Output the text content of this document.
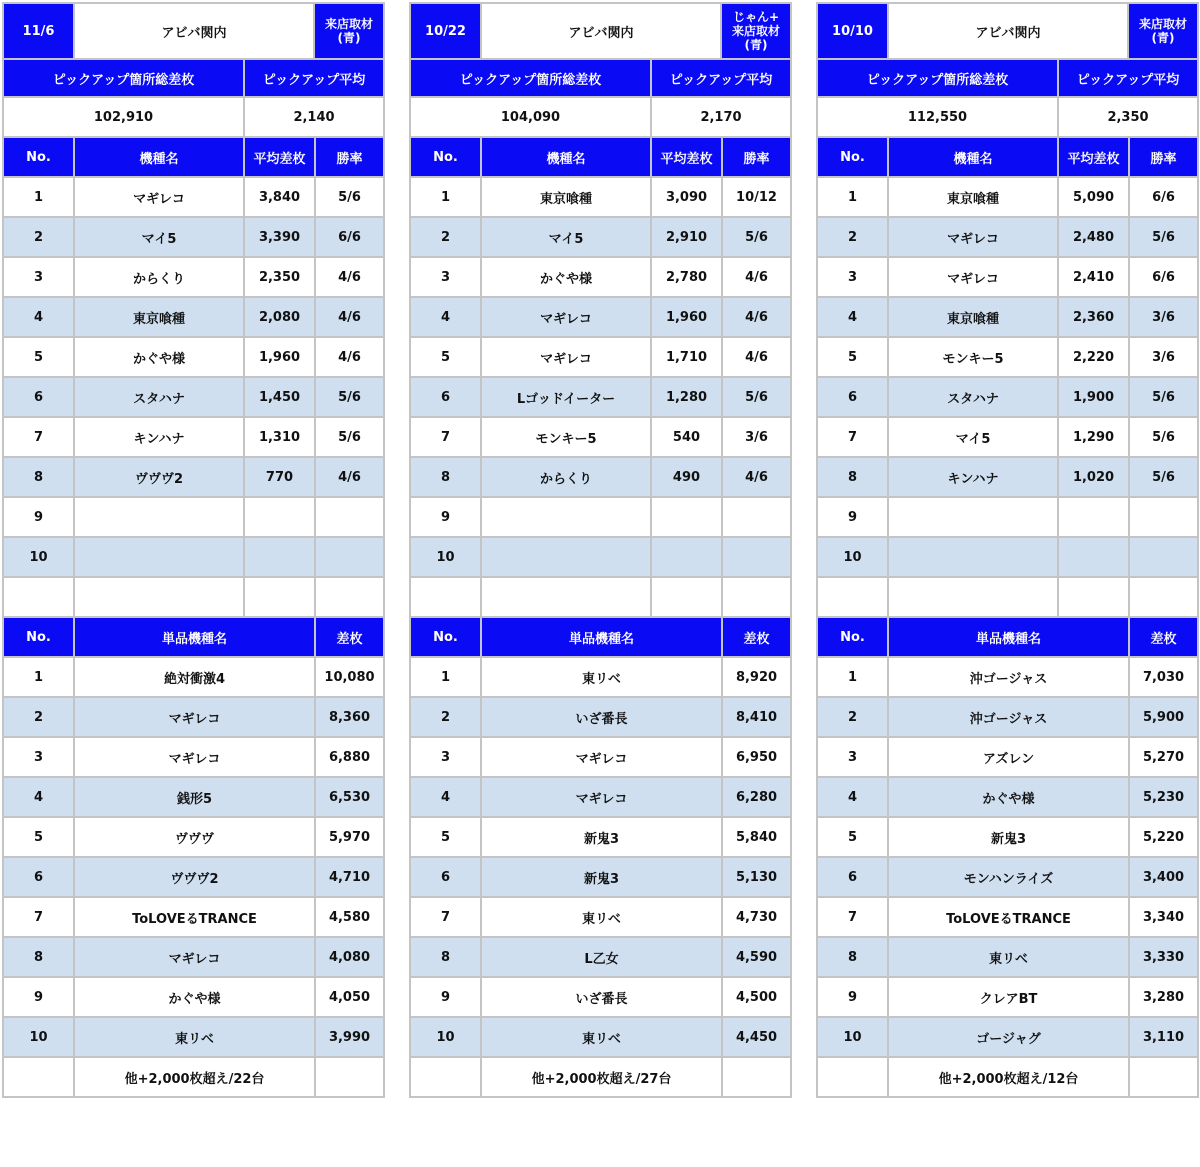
11/6	アビバ関内
来店取材
(青)		

ピックアップ箇所総差枚		ピックアップ平均	
102,910		2,140	
No.	機種名	平均差枚	勝率
1	マギレコ	3,840	5/6
2	マイ5	3,390	6/6
3	からくり	2,350	4/6
4	東京喰種	2,080	4/6
5	かぐや様	1,960	4/6
6	スタハナ	1,450	5/6
7	キンハナ	1,310	5/6
8	ヴヴヴ2	770	4/6
9			
10			

No.	単品機種名		差枚
1	絶対衝激4		10,080
2	マギレコ		8,360
3	マギレコ		6,880
4	銭形5		6,530
5	ヴヴヴ		5,970
6	ヴヴヴ2		4,710
7	ToLOVEるTRANCE		4,580
8	マギレコ		4,080
9	かぐや様		4,050
10	東リベ		3,990
	他+2,000枚超え/22台		
10/22	アビバ関内
じゃん+
来店取材
(青)		

ピックアップ箇所総差枚		ピックアップ平均	
104,090		2,170	
No.	機種名	平均差枚	勝率
1	東京喰種	3,090	10/12
2	マイ5	2,910	5/6
3	かぐや様	2,780	4/6
4	マギレコ	1,960	4/6
5	マギレコ	1,710	4/6
6	Lゴッドイーター	1,280	5/6
7	モンキー5	540	3/6
8	からくり	490	4/6
9			
10			

No.	単品機種名		差枚
1	東リベ		8,920
2	いざ番長		8,410
3	マギレコ		6,950
4	マギレコ		6,280
5	新鬼3		5,840
6	新鬼3		5,130
7	東リベ		4,730
8	L乙女		4,590
9	いざ番長		4,500
10	東リベ		4,450
	他+2,000枚超え/27台		
10/10	アビバ関内
来店取材
(青)		

ピックアップ箇所総差枚		ピックアップ平均	
112,550		2,350	
No.	機種名	平均差枚	勝率
1	東京喰種	5,090	6/6
2	マギレコ	2,480	5/6
3	マギレコ	2,410	6/6
4	東京喰種	2,360	3/6
5	モンキー5	2,220	3/6
6	スタハナ	1,900	5/6
7	マイ5	1,290	5/6
8	キンハナ	1,020	5/6
9			
10			

No.	単品機種名		差枚
1	沖ゴージャス		7,030
2	沖ゴージャス		5,900
3	アズレン		5,270
4	かぐや様		5,230
5	新鬼3		5,220
6	モンハンライズ		3,400
7	ToLOVEるTRANCE		3,340
8	東リベ		3,330
9	クレアBT		3,280
10	ゴージャグ		3,110
	他+2,000枚超え/12台		
